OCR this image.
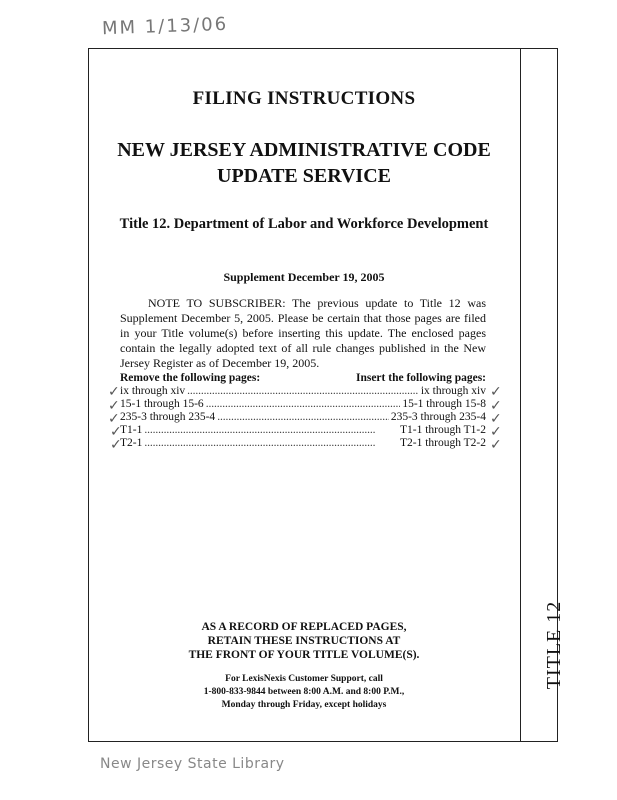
MM 1/13/06
TITLE 12
FILING INSTRUCTIONS
NEW JERSEY ADMINISTRATIVE CODE
UPDATE SERVICE
Title 12. Department of Labor and Workforce Development
Supplement December 19, 2005
NOTE TO SUBSCRIBER: The previous update to Title 12 was Supplement December 5, 2005. Please be certain that those pages are filed in your Title volume(s) before inserting this update. The enclosed pages contain the legally adopted text of all rule changes published in the New Jersey Register as of December 19, 2005.
Remove the following pages:	Insert the following pages:
ix through xiv . . .	ix through xiv
15-1 through 15-6 . . .	15-1 through 15-8
235-3 through 235-4 . . .	235-3 through 235-4
T1-1 . . .	T1-1 through T1-2
T2-1 . . .	T2-1 through T2-2
✓
✓
✓
✓
✓
✓
✓
✓
✓
✓
AS A RECORD OF REPLACED PAGES,
RETAIN THESE INSTRUCTIONS AT
THE FRONT OF YOUR TITLE VOLUME(S).
For LexisNexis Customer Support, call
1-800-833-9844 between 8:00 A.M. and 8:00 P.M.,
Monday through Friday, except holidays
New Jersey State Library
